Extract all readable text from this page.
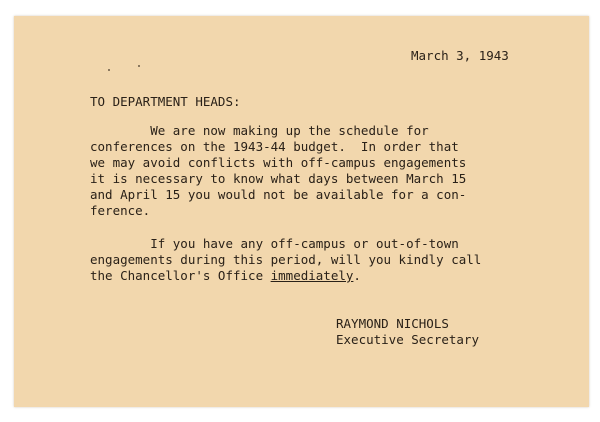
March 3, 1943
TO DEPARTMENT HEADS:
We are now making up the schedule for
conferences on the 1943-44 budget.  In order that
we may avoid conflicts with off-campus engagements
it is necessary to know what days between March 15
and April 15 you would not be available for a con-
ference.
If you have any off-campus or out-of-town
engagements during this period, will you kindly call
the Chancellor's Office immediately.
RAYMOND NICHOLS
Executive Secretary
